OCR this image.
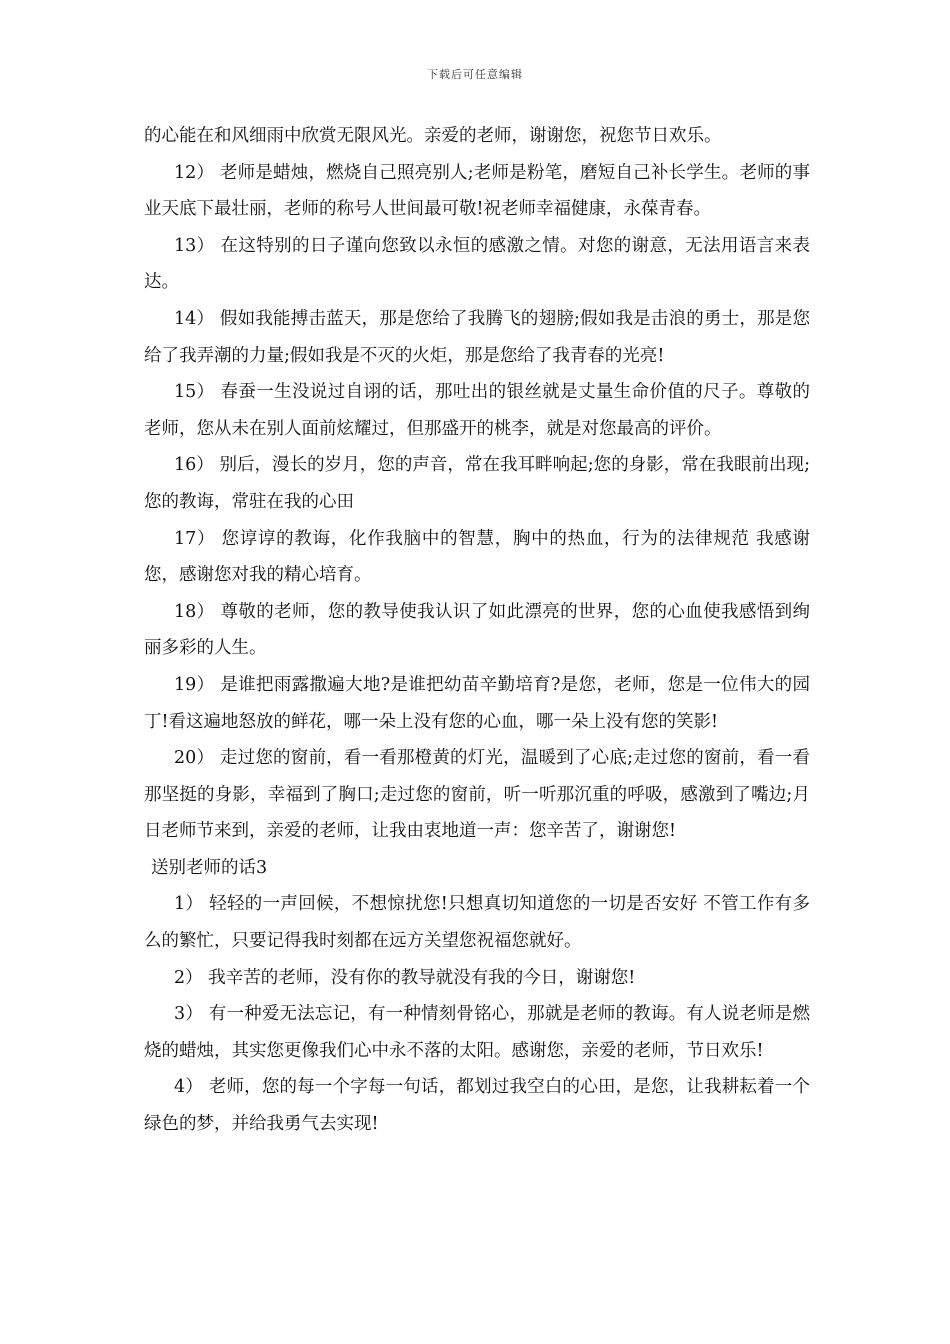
下载后可任意编辑

的心能在和风细雨中欣赏无限风光。亲爱的老师，谢谢您，祝您节日欢乐。

12） 老师是蜡烛，燃烧自己照亮别人;老师是粉笔，磨短自己补长学生。老师的事业天底下最壮丽，老师的称号人世间最可敬!祝老师幸福健康，永葆青春。

13） 在这特别的日子谨向您致以永恒的感激之情。对您的谢意，无法用语言来表达。

14） 假如我能搏击蓝天，那是您给了我腾飞的翅膀;假如我是击浪的勇士，那是您给了我弄潮的力量;假如我是不灭的火炬，那是您给了我青春的光亮!

15） 春蚕一生没说过自诩的话，那吐出的银丝就是丈量生命价值的尺子。尊敬的老师，您从未在别人面前炫耀过，但那盛开的桃李，就是对您最高的评价。

16） 别后，漫长的岁月，您的声音，常在我耳畔响起;您的身影，常在我眼前出现;您的教诲，常驻在我的心田

17） 您谆谆的教诲，化作我脑中的智慧，胸中的热血，行为的法律规范 我感谢您，感谢您对我的精心培育。

18） 尊敬的老师，您的教导使我认识了如此漂亮的世界，您的心血使我感悟到绚丽多彩的人生。

19） 是谁把雨露撒遍大地?是谁把幼苗辛勤培育?是您，老师，您是一位伟大的园丁!看这遍地怒放的鲜花，哪一朵上没有您的心血，哪一朵上没有您的笑影!

20） 走过您的窗前，看一看那橙黄的灯光，温暖到了心底;走过您的窗前，看一看那坚挺的身影，幸福到了胸口;走过您的窗前，听一听那沉重的呼吸，感激到了嘴边;月日老师节来到，亲爱的老师，让我由衷地道一声：您辛苦了，谢谢您!

送别老师的话3

1） 轻轻的一声回候，不想惊扰您!只想真切知道您的一切是否安好 不管工作有多么的繁忙，只要记得我时刻都在远方关望您祝福您就好。

2） 我辛苦的老师，没有你的教导就没有我的今日，谢谢您!

3） 有一种爱无法忘记，有一种情刻骨铭心，那就是老师的教诲。有人说老师是燃烧的蜡烛，其实您更像我们心中永不落的太阳。感谢您，亲爱的老师，节日欢乐!

4） 老师，您的每一个字每一句话，都划过我空白的心田，是您，让我耕耘着一个绿色的梦，并给我勇气去实现!
